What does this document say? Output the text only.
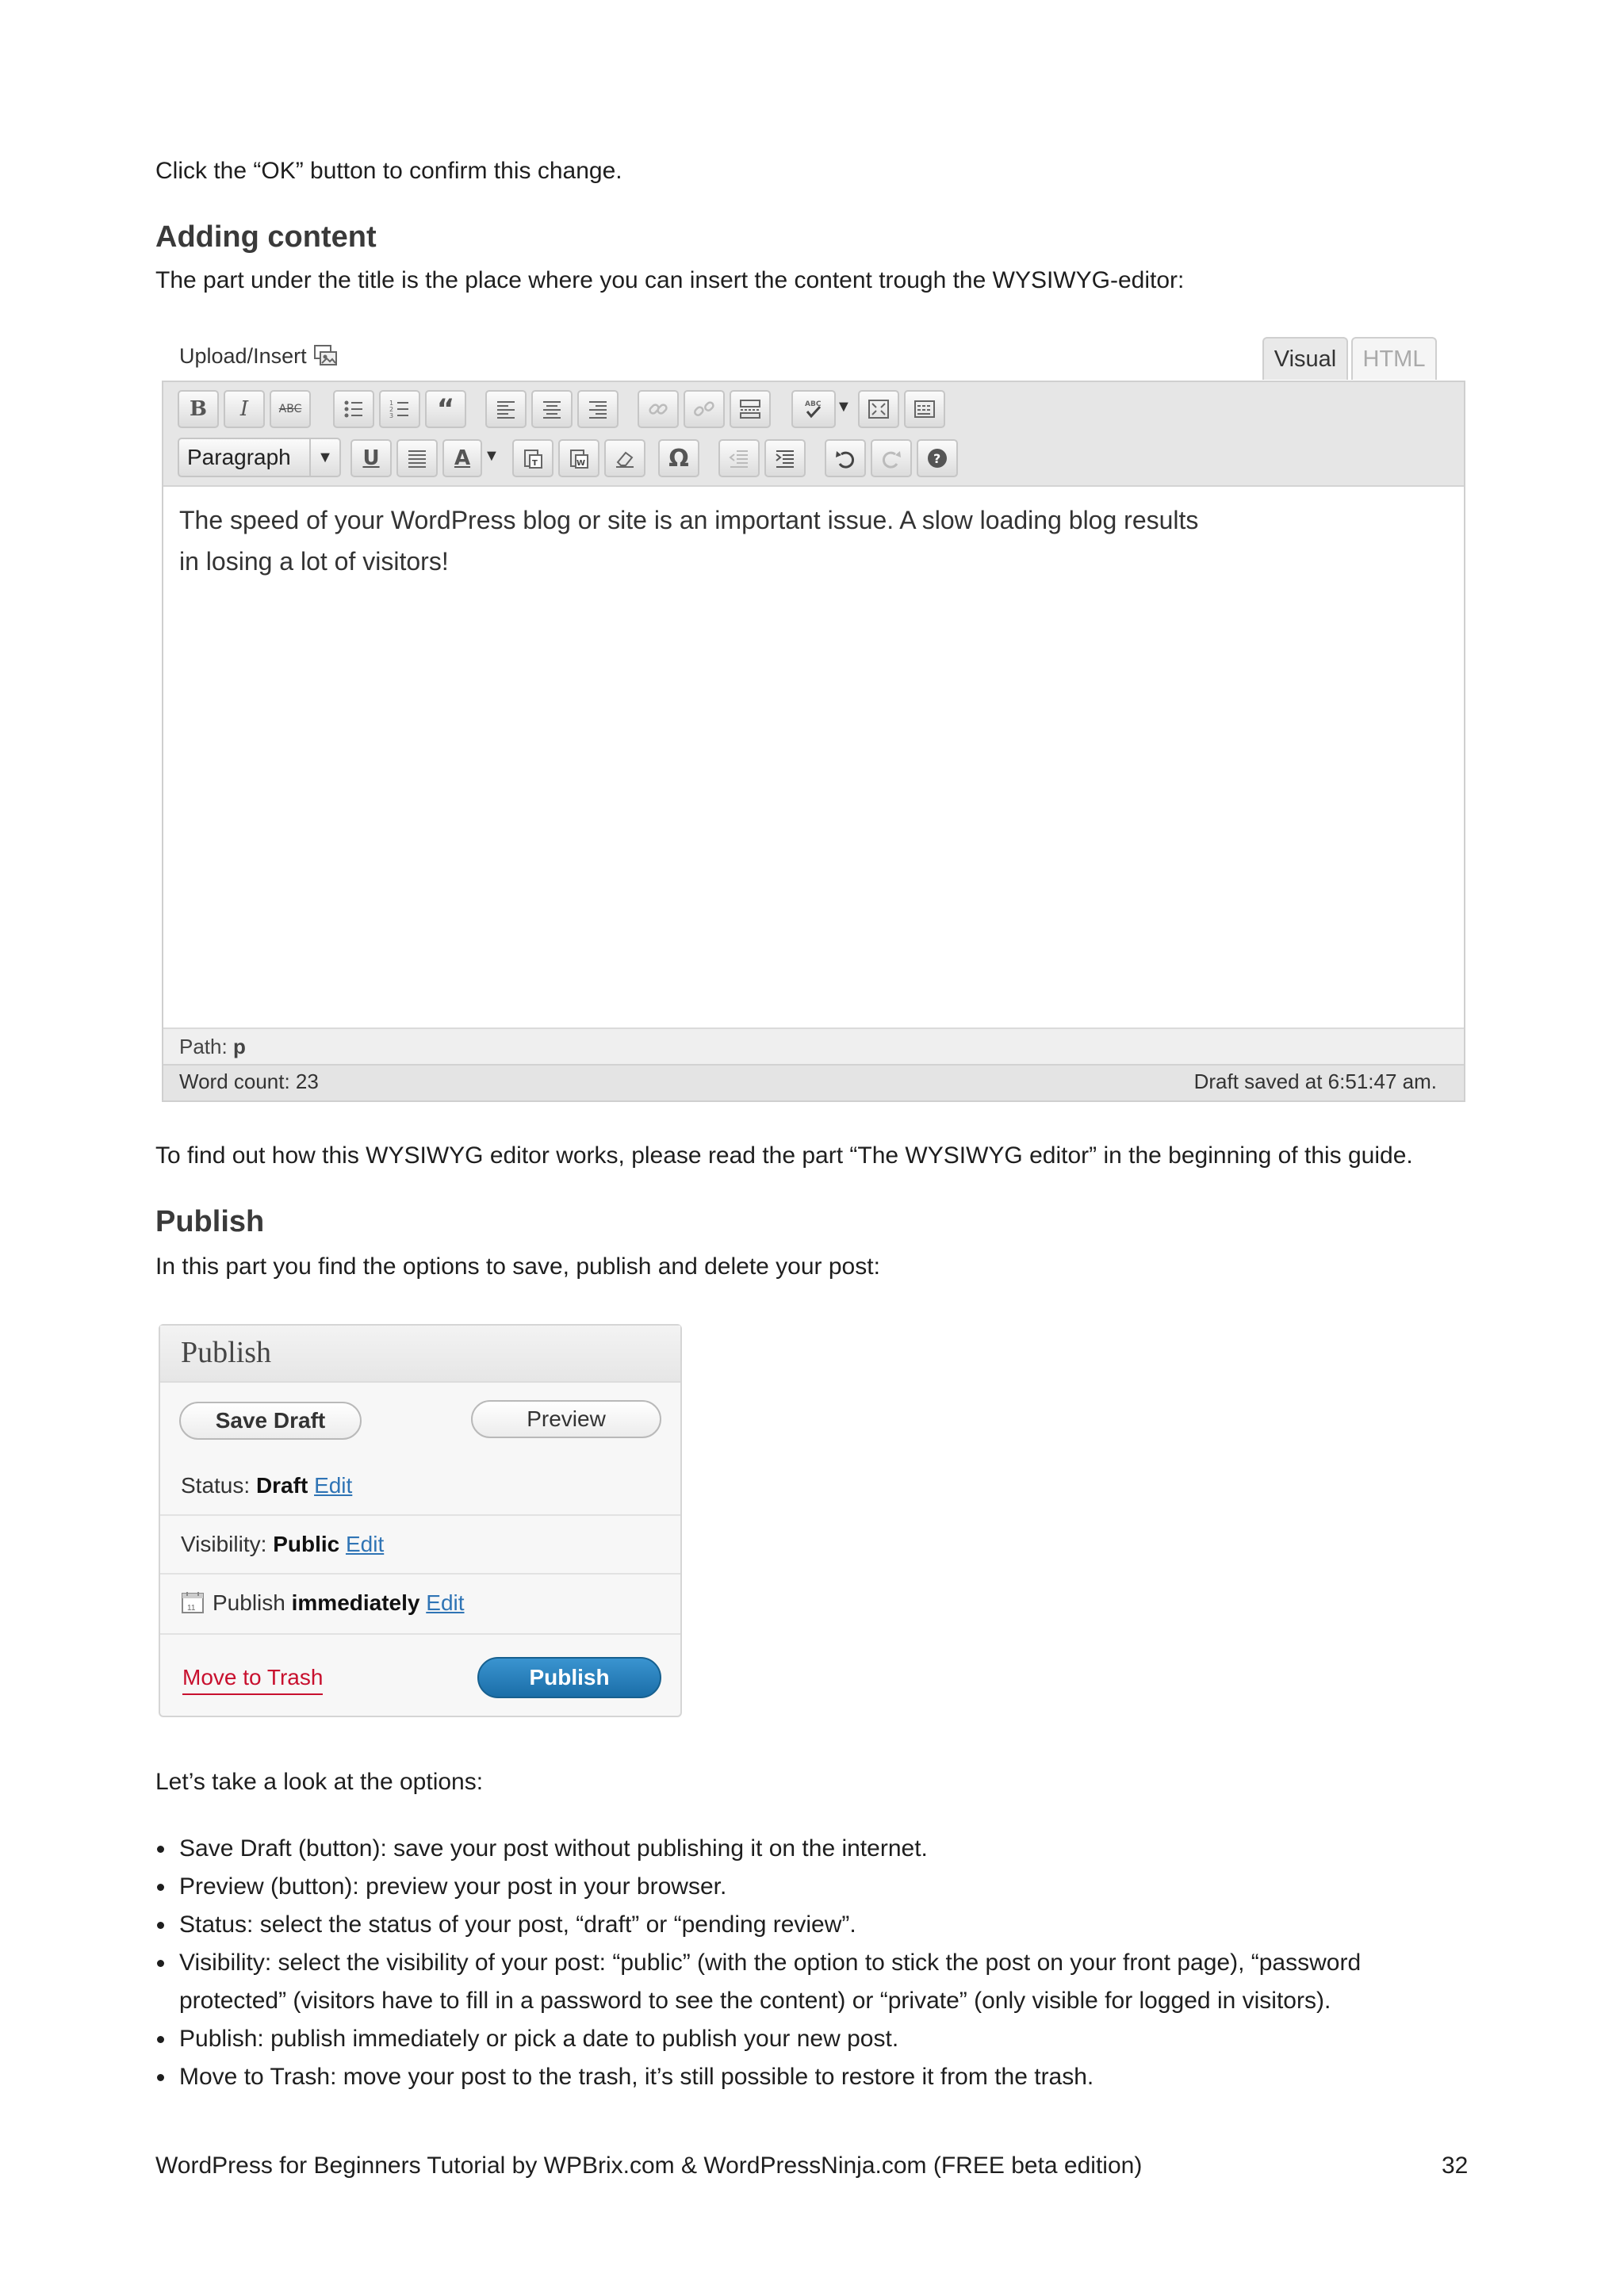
Click the “OK” button to confirm this change.
Adding content
The part under the title is the place where you can insert the content trough the WYSIWYG-editor:
Upload/Insert	Visual	HTML
B I	ABC	1
2
3 “	ABC ▼
Paragraph	▼	U	A ▼	T	W	Ω	?
The speed of your WordPress blog or site is an important issue. A slow loading blog results
in losing a lot of visitors!
Path: p
Word count: 23	Draft saved at 6:51:47 am.
To find out how this WYSIWYG editor works, please read the part “The WYSIWYG editor” in the beginning of this guide.
Publish
In this part you find the options to save, publish and delete your post:
Publish
Save Draft	Preview
Status: Draft Edit
Visibility: Public Edit
11 Publish immediately Edit
Move to Trash	Publish
Let’s take a look at the options:
Save Draft (button): save your post without publishing it on the internet.
Preview (button): preview your post in your browser.
Status: select the status of your post, “draft” or “pending review”.
Visibility: select the visibility of your post: “public” (with the option to stick the post on your front page), “password
protected” (visitors have to fill in a password to see the content) or “private” (only visible for logged in visitors).
Publish: publish immediately or pick a date to publish your new post.
Move to Trash: move your post to the trash, it’s still possible to restore it from the trash.
WordPress for Beginners Tutorial by WPBrix.com & WordPressNinja.com (FREE beta edition)	32
